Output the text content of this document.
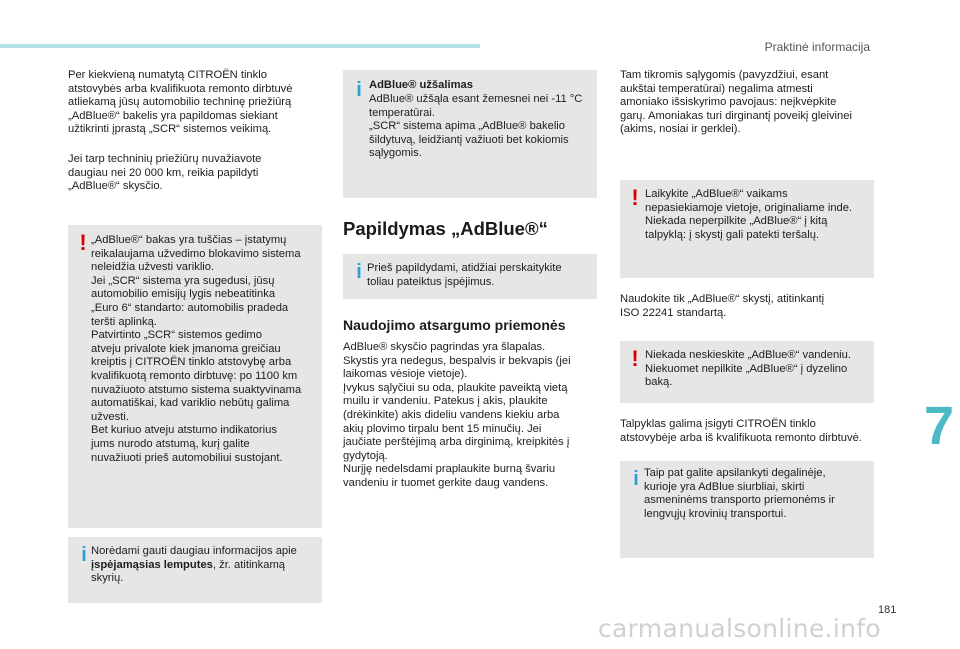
Praktinė informacija

Per kiekvieną numatytą CITROËN tinklo
atstovybės arba kvalifikuota remonto dirbtuvė
atliekamą jūsų automobilio techninę priežiūrą
„AdBlue®“ bakelis yra papildomas siekiant
užtikrinti įprastą „SCR“ sistemos veikimą.

Jei tarp techninių priežiūrų nuvažiavote
daugiau nei 20 000 km, reikia papildyti
„AdBlue®“ skysčio.

! „AdBlue®“ bakas yra tuščias – įstatymų
reikalaujama užvedimo blokavimo sistema
neleidžia užvesti variklio.
Jei „SCR“ sistema yra sugedusi, jūsų
automobilio emisijų lygis nebeatitinka
„Euro 6“ standarto: automobilis pradeda
teršti aplinką.
Patvirtinto „SCR“ sistemos gedimo
atveju privalote kiek įmanoma greičiau
kreiptis į CITROËN tinklo atstovybę arba
kvalifikuotą remonto dirbtuvę: po 1100 km
nuvažiuoto atstumo sistema suaktyvinama
automatiškai, kad variklio nebūtų galima
užvesti.
Bet kuriuo atveju atstumo indikatorius
jums nurodo atstumą, kurį galite
nuvažiuoti prieš automobiliui sustojant.

i Norėdami gauti daugiau informacijos apie
įspėjamąsias lemputes, žr. atitinkamą
skyrių.

i AdBlue® užšalimas

AdBlue® užšąla esant žemesnei nei -11 °C
temperatūrai.
„SCR“ sistema apima „AdBlue® bakelio
šildytuvą, leidžiantį važiuoti bet kokiomis
sąlygomis.

Papildymas „AdBlue®“
i Prieš papildydami, atidžiai perskaitykite
toliau pateiktus įspėjimus.

Naudojimo atsargumo priemonės

AdBlue® skysčio pagrindas yra šlapalas.
Skystis yra nedegus, bespalvis ir bekvapis (jei
laikomas vėsioje vietoje).
Įvykus sąlyčiui su oda, plaukite paveiktą vietą
muilu ir vandeniu. Patekus į akis, plaukite
(drėkinkite) akis dideliu vandens kiekiu arba
akių plovimo tirpalu bent 15 minučių. Jei
jaučiate perštėjimą arba dirginimą, kreipkitės į
gydytoją.
Nurįję nedelsdami praplaukite burną švariu
vandeniu ir tuomet gerkite daug vandens.

Tam tikromis sąlygomis (pavyzdžiui, esant
aukštai temperatūrai) negalima atmesti
amoniako išsiskyrimo pavojaus: neįkvėpkite
garų. Amoniakas turi dirginantį poveikį gleivinei
(akims, nosiai ir gerklei).

! Laikykite „AdBlue®“ vaikams
nepasiekiamoje vietoje, originaliame inde.
Niekada neperpilkite „AdBlue®“ į kitą
talpyklą: į skystį gali patekti teršalų.

Naudokite tik „AdBlue®“ skystį, atitinkantį
ISO 22241 standartą.

! Niekada neskieskite „AdBlue®“ vandeniu.
Niekuomet nepilkite „AdBlue®“ į dyzelino
baką.

Talpyklas galima įsigyti CITROËN tinklo
atstovybėje arba iš kvalifikuota remonto dirbtuvė.

i Taip pat galite apsilankyti degalinėje,
kurioje yra AdBlue siurbliai, skirti
asmeninėms transporto priemonėms ir
lengvųjų krovinių transportui.

7
181
carmanualsonline.info
